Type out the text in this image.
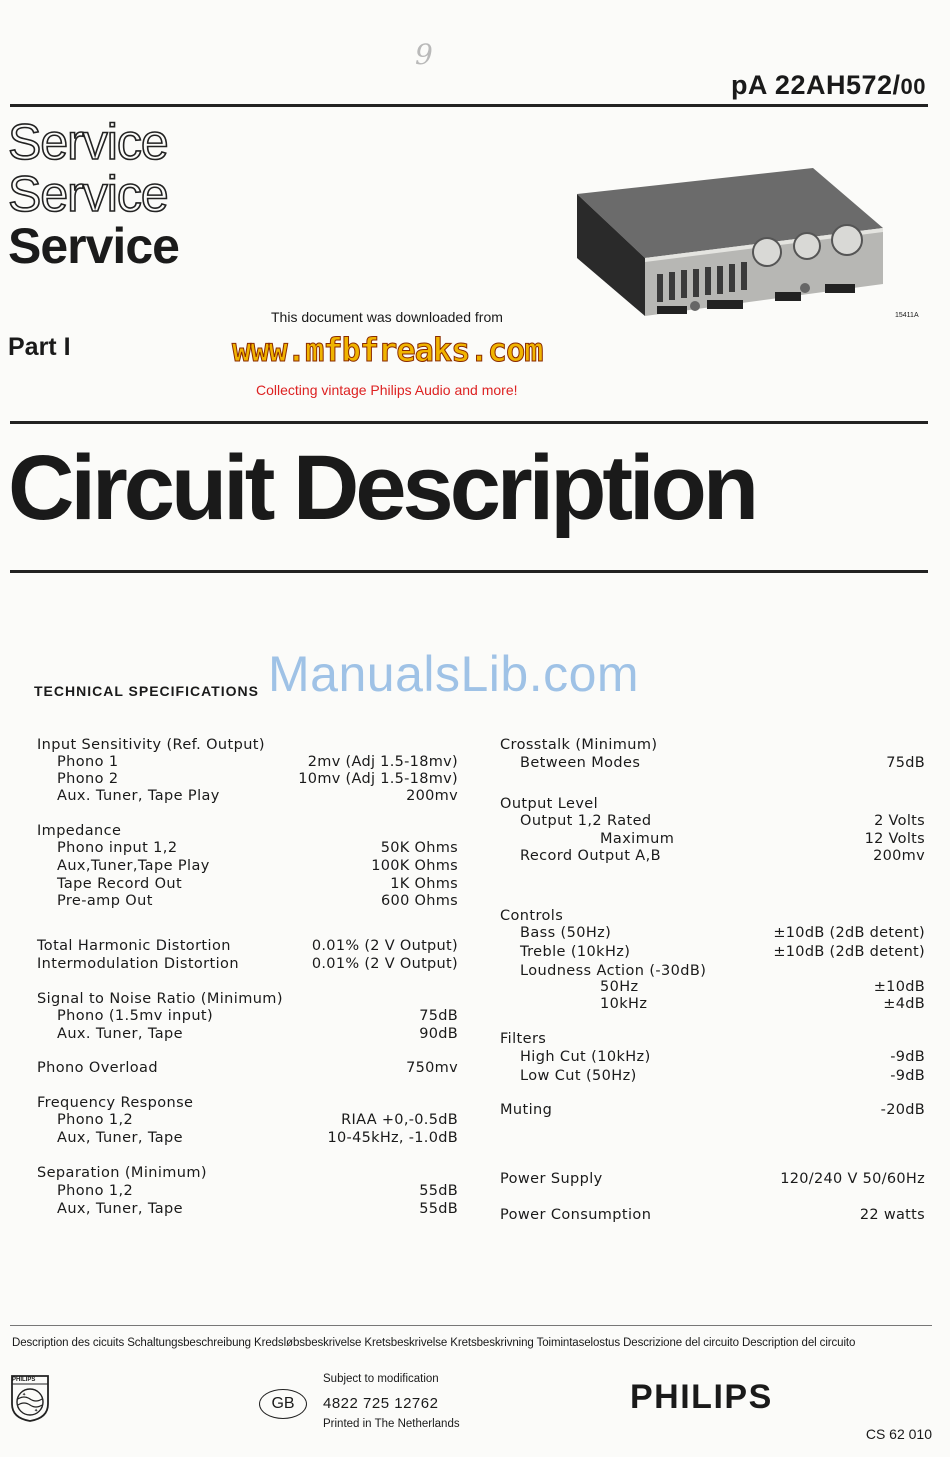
9
pA 22AH572/00
Service
Service
Service
15411A
Part I
This document was downloaded from
www.mfbfreaks.com
Collecting vintage Philips Audio and more!
Circuit Description
ManualsLib.com
TECHNICAL SPECIFICATIONS
Input Sensitivity (Ref. Output)
Phono 1	2mv (Adj 1.5-18mv)
Phono 2	10mv (Adj 1.5-18mv)
Aux. Tuner, Tape Play	200mv
Impedance
Phono input 1,2	50K Ohms
Aux,Tuner,Tape Play	100K Ohms
Tape Record Out	1K Ohms
Pre-amp Out	600 Ohms
Total Harmonic Distortion	0.01% (2 V Output)
Intermodulation Distortion	0.01% (2 V Output)
Signal to Noise Ratio (Minimum)
Phono (1.5mv input)	75dB
Aux. Tuner, Tape	90dB
Phono Overload	750mv
Frequency Response
Phono 1,2	RIAA +0,-0.5dB
Aux, Tuner, Tape	10-45kHz, -1.0dB
Separation (Minimum)
Phono 1,2	55dB
Aux, Tuner, Tape	55dB
Crosstalk (Minimum)
Between Modes	75dB
Output Level
Output 1,2 Rated	2 Volts
Maximum	12 Volts
Record Output A,B	200mv
Controls
Bass (50Hz)	±10dB (2dB detent)
Treble (10kHz)	±10dB (2dB detent)
Loudness Action (-30dB)
50Hz	±10dB
10kHz	±4dB
Filters
High Cut (10kHz)	-9dB
Low Cut (50Hz)	-9dB
Muting	-20dB
Power Supply	120/240 V 50/60Hz
Power Consumption	22 watts
Description des cicuits Schaltungsbeschreibung Kredsløbsbeskrivelse Kretsbeskrivelse Kretsbeskrivning Toimintaselostus Descrizione del circuito Description del circuito
✦
✦
PHILIPS
GB
Subject to modification
4822 725 12762
Printed in The Netherlands
PHILIPS
CS 62 010
